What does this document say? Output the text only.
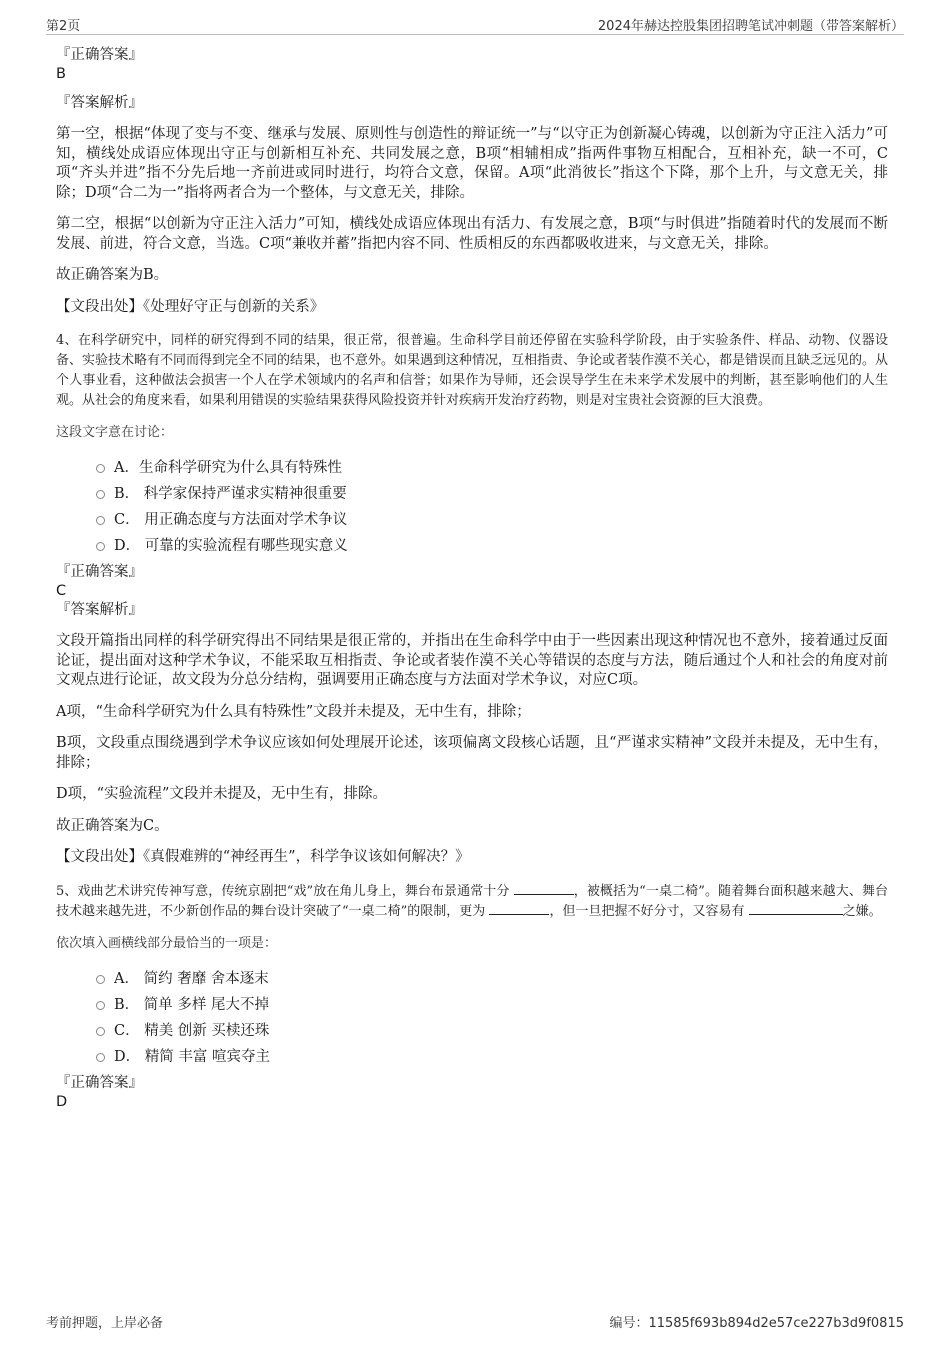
第2页	2024年赫达控股集团招聘笔试冲刺题（带答案解析）

『正确答案』

B

『答案解析』

第一空，根据“体现了变与不变、继承与发展、原则性与创造性的辩证统一”与“以守正为创新凝心铸魂，以创新为守正注入活力”可知，横线处成语应体现出守正与创新相互补充、共同发展之意，B项“相辅相成”指两件事物互相配合，互相补充，缺一不可，C项“齐头并进”指不分先后地一齐前进或同时进行，均符合文意，保留。A项“此消彼长”指这个下降，那个上升，与文意无关，排除；D项“合二为一”指将两者合为一个整体，与文意无关，排除。

第二空，根据“以创新为守正注入活力”可知，横线处成语应体现出有活力、有发展之意，B项“与时俱进”指随着时代的发展而不断发展、前进，符合文意，当选。C项“兼收并蓄”指把内容不同、性质相反的东西都吸收进来，与文意无关，排除。

故正确答案为B。

【文段出处】《处理好守正与创新的关系》

4、在科学研究中，同样的研究得到不同的结果，很正常，很普遍。生命科学目前还停留在实验科学阶段，由于实验条件、样品、动物、仪器设备、实验技术略有不同而得到完全不同的结果，也不意外。如果遇到这种情况，互相指责、争论或者装作漠不关心，都是错误而且缺乏远见的。从个人事业看，这种做法会损害一个人在学术领域内的名声和信誉；如果作为导师，还会误导学生在未来学术发展中的判断，甚至影响他们的人生观。从社会的角度来看，如果利用错误的实验结果获得风险投资并针对疾病开发治疗药物，则是对宝贵社会资源的巨大浪费。

这段文字意在讨论：

A．生命科学研究为什么具有特殊性
B． 科学家保持严谨求实精神很重要
C． 用正确态度与方法面对学术争议
D． 可靠的实验流程有哪些现实意义

『正确答案』

C

『答案解析』

文段开篇指出同样的科学研究得出不同结果是很正常的，并指出在生命科学中由于一些因素出现这种情况也不意外，接着通过反面论证，提出面对这种学术争议，不能采取互相指责、争论或者装作漠不关心等错误的态度与方法，随后通过个人和社会的角度对前文观点进行论证，故文段为分总分结构，强调要用正确态度与方法面对学术争议，对应C项。

A项，“生命科学研究为什么具有特殊性”文段并未提及，无中生有，排除；

B项，文段重点围绕遇到学术争议应该如何处理展开论述，该项偏离文段核心话题，且“严谨求实精神”文段并未提及，无中生有，排除；

D项，“实验流程”文段并未提及，无中生有，排除。

故正确答案为C。

【文段出处】《真假难辨的“神经再生”，科学争议该如何解决？》

5、戏曲艺术讲究传神写意，传统京剧把“戏”放在角儿身上，舞台布景通常十分	，被概括为“一桌二椅”。随着舞台面积越来越大、舞台技术越来越先进，不少新创作品的舞台设计突破了“一桌二椅”的限制，更为	，但一旦把握不好分寸，又容易有	之嫌。

依次填入画横线部分最恰当的一项是：

A． 简约 奢靡 舍本逐末
B． 简单 多样 尾大不掉
C． 精美 创新 买椟还珠
D． 精简 丰富 喧宾夺主

『正确答案』

D

考前押题，上岸必备	编号：11585f693b894d2e57ce227b3d9f0815
